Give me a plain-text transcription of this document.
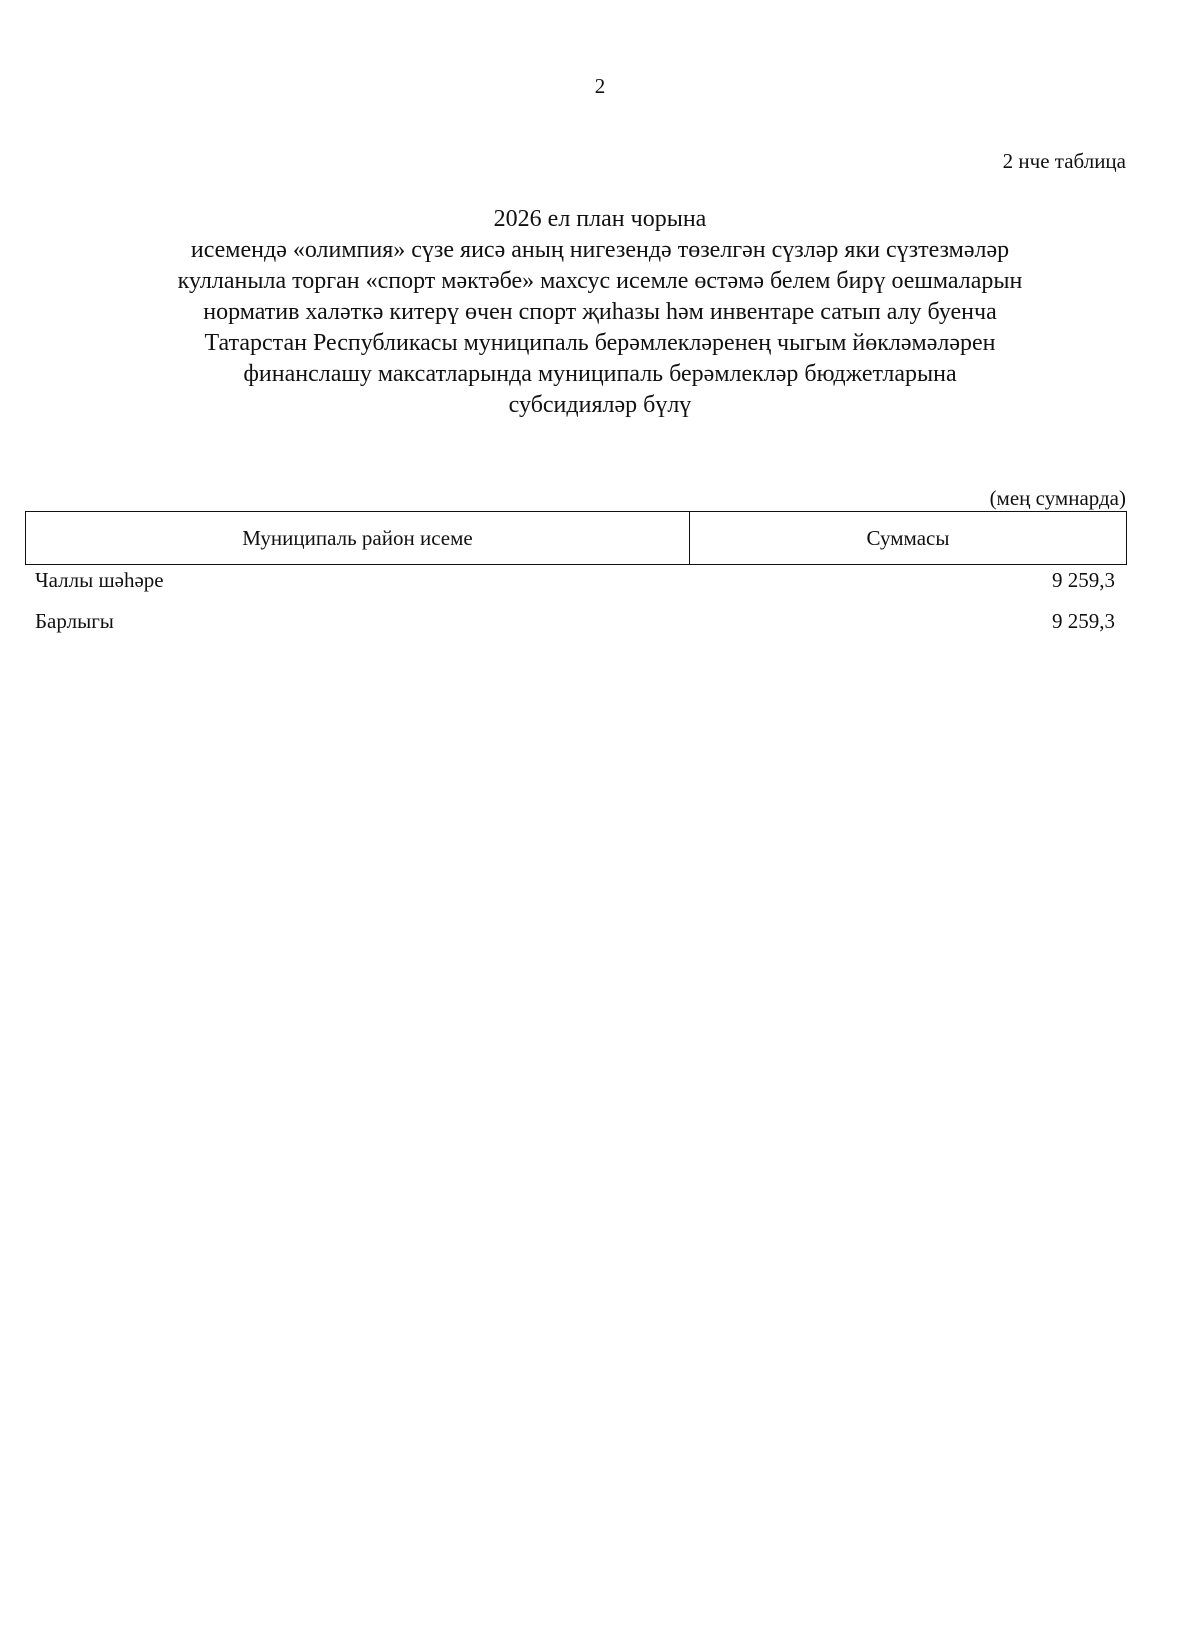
2
2 нче таблица
2026 ел план чорына
исемендә «олимпия» сүзе яисә аның нигезендә төзелгән сүзләр яки сүзтезмәләр
кулланыла торган «спорт мәктәбе» махсус исемле өстәмә белем бирү оешмаларын
норматив халәткә китерү өчен спорт җиһазы һәм инвентаре сатып алу буенча
Татарстан Республикасы муниципаль берәмлекләренең чыгым йөкләмәләрен
финанслашу максатларында муниципаль берәмлекләр бюджетларына
субсидияләр бүлү
(мең сумнарда)
Муниципаль район исеме	Суммасы
Чаллы шәһәре	9 259,3
Барлыгы	9 259,3
